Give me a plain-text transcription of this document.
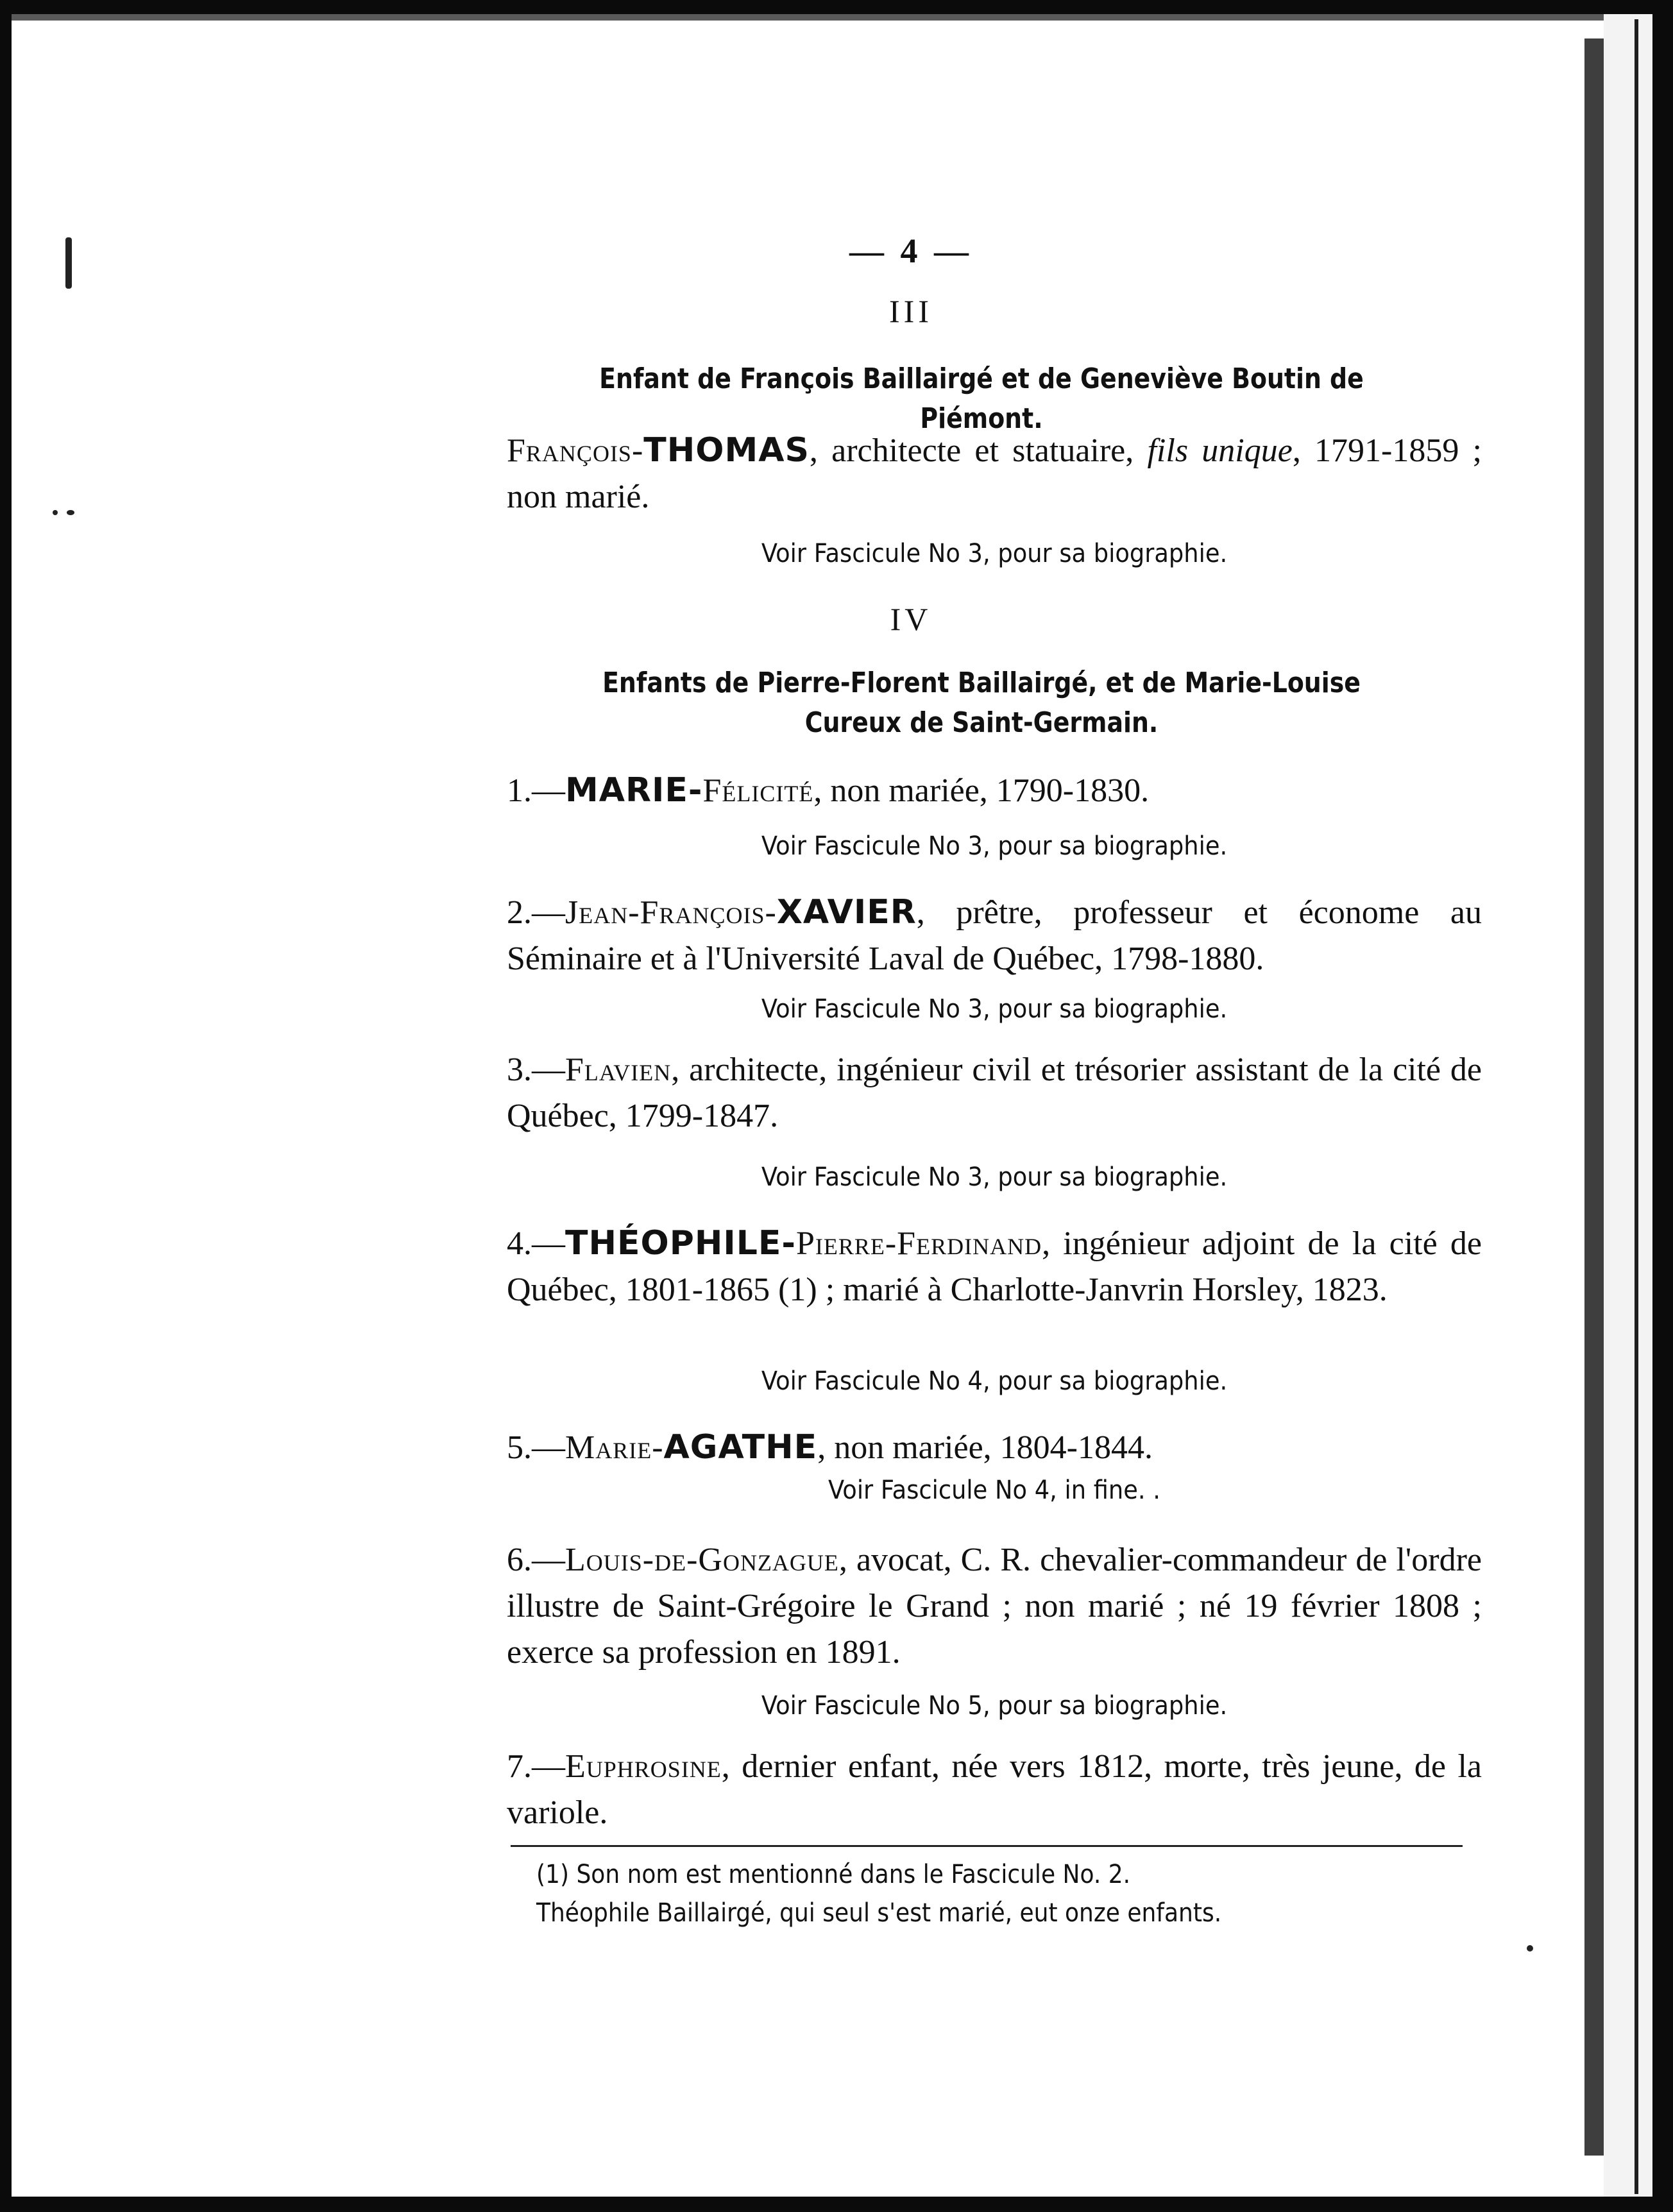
— 4 —
III
Enfant de François Baillairgé et de Geneviève Boutin de Piémont.
François-THOMAS, architecte et statuaire, fils unique, 1791-1859 ; non marié.
Voir Fascicule No 3, pour sa biographie.
IV
Enfants de Pierre-Florent Baillairgé, et de Marie-Louise Cureux de Saint-Germain.
1.—MARIE-Félicité, non mariée, 1790-1830.
Voir Fascicule No 3, pour sa biographie.
2.—Jean-François-XAVIER, prêtre, professeur et économe au Séminaire et à l'Université Laval de Québec, 1798-1880.
Voir Fascicule No 3, pour sa biographie.
3.—Flavien, architecte, ingénieur civil et trésorier assistant de la cité de Québec, 1799-1847.
Voir Fascicule No 3, pour sa biographie.
4.—THÉOPHILE-Pierre-Ferdinand, ingénieur adjoint de la cité de Québec, 1801-1865 (1) ; marié à Charlotte-Janvrin Horsley, 1823.
Voir Fascicule No 4, pour sa biographie.
5.—Marie-AGATHE, non mariée, 1804-1844.
Voir Fascicule No 4, in fine. .
6.—Louis-de-Gonzague, avocat, C. R. chevalier-commandeur de l'ordre illustre de Saint-Grégoire le Grand ; non marié ; né 19 février 1808 ; exerce sa profession en 1891.
Voir Fascicule No 5, pour sa biographie.
7.—Euphrosine, dernier enfant, née vers 1812, morte, très jeune, de la variole.
(1) Son nom est mentionné dans le Fascicule No. 2.
Théophile Baillairgé, qui seul s'est marié, eut onze enfants.
